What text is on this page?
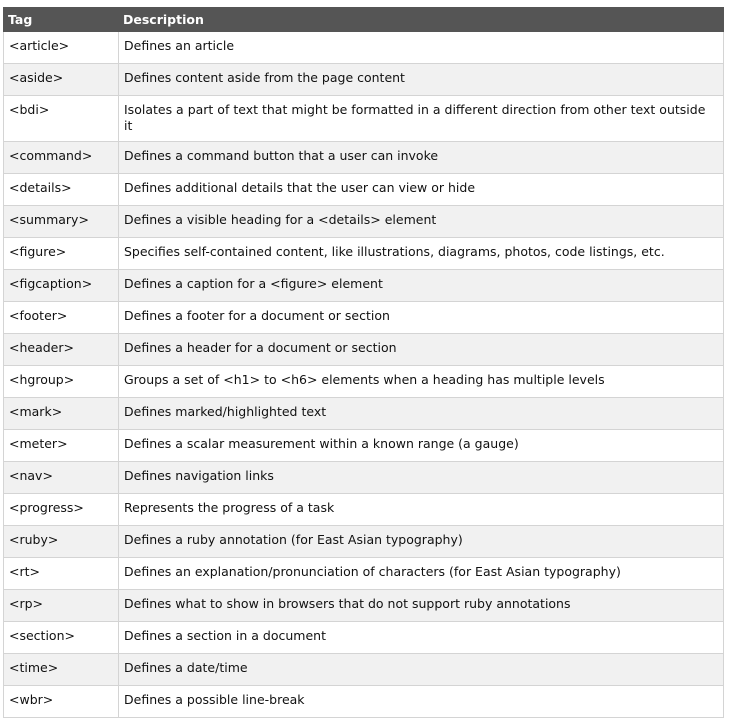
Tag	Description
<article>	Defines an article
<aside>	Defines content aside from the page content
<bdi>	Isolates a part of text that might be formatted in a different direction from other text outside it
<command>	Defines a command button that a user can invoke
<details>	Defines additional details that the user can view or hide
<summary>	Defines a visible heading for a <details> element
<figure>	Specifies self-contained content, like illustrations, diagrams, photos, code listings, etc.
<figcaption>	Defines a caption for a <figure> element
<footer>	Defines a footer for a document or section
<header>	Defines a header for a document or section
<hgroup>	Groups a set of <h1> to <h6> elements when a heading has multiple levels
<mark>	Defines marked/highlighted text
<meter>	Defines a scalar measurement within a known range (a gauge)
<nav>	Defines navigation links
<progress>	Represents the progress of a task
<ruby>	Defines a ruby annotation (for East Asian typography)
<rt>	Defines an explanation/pronunciation of characters (for East Asian typography)
<rp>	Defines what to show in browsers that do not support ruby annotations
<section>	Defines a section in a document
<time>	Defines a date/time
<wbr>	Defines a possible line-break
